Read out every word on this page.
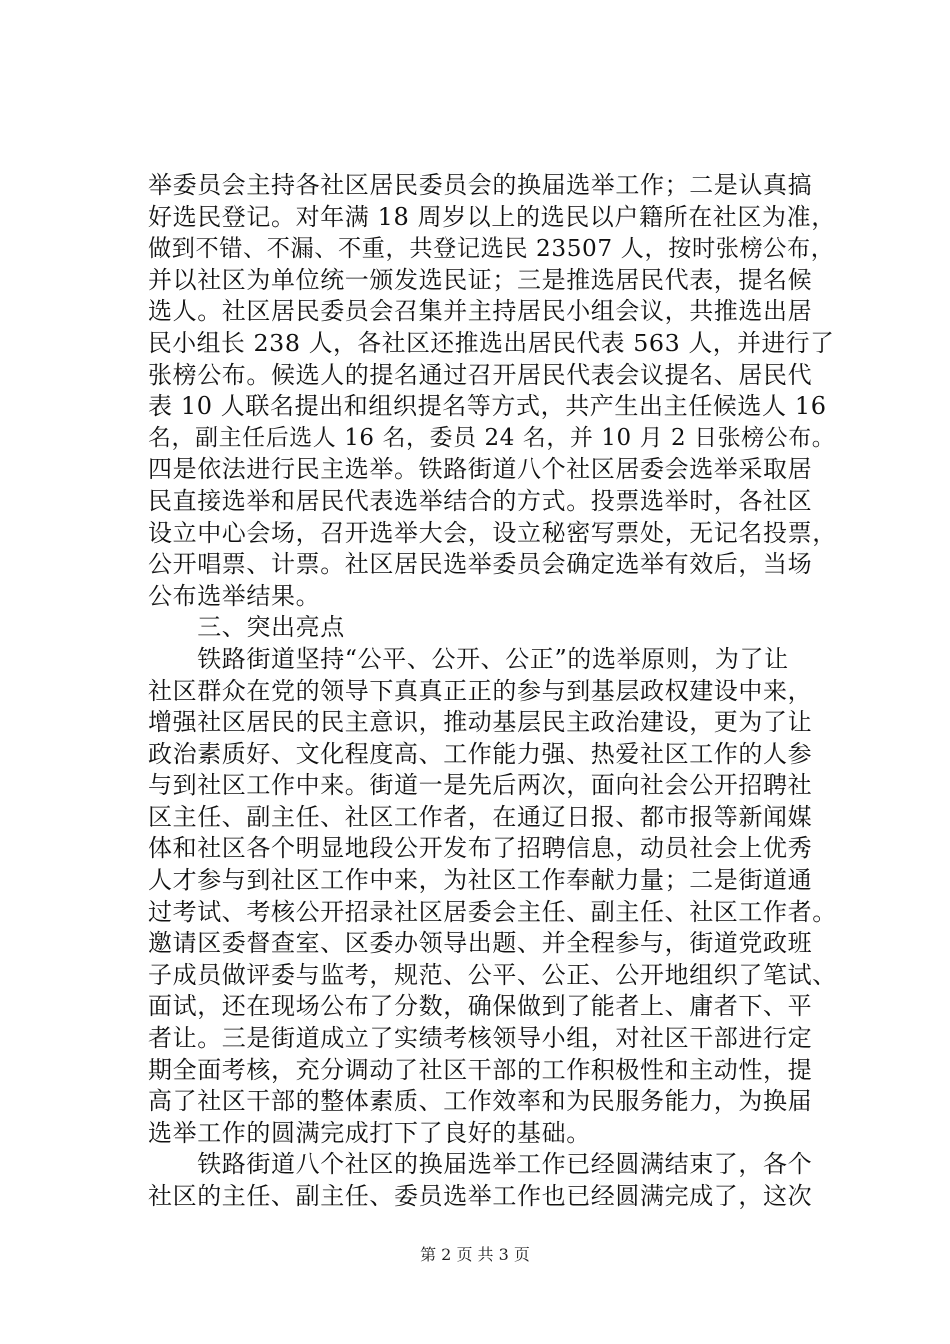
举委员会主持各社区居民委员会的换届选举工作；二是认真搞
好选民登记。对年满 18 周岁以上的选民以户籍所在社区为准，
做到不错、不漏、不重，共登记选民 23507 人，按时张榜公布，
并以社区为单位统一颁发选民证；三是推选居民代表，提名候
选人。社区居民委员会召集并主持居民小组会议，共推选出居
民小组长 238 人，各社区还推选出居民代表 563 人，并进行了
张榜公布。候选人的提名通过召开居民代表会议提名、居民代
表 10 人联名提出和组织提名等方式，共产生出主任候选人 16
名，副主任后选人 16 名，委员 24 名，并 10 月 2 日张榜公布。
四是依法进行民主选举。铁路街道八个社区居委会选举采取居
民直接选举和居民代表选举结合的方式。投票选举时，各社区
设立中心会场，召开选举大会，设立秘密写票处，无记名投票，
公开唱票、计票。社区居民选举委员会确定选举有效后，当场
公布选举结果。
　　三、突出亮点
　　铁路街道坚持“公平、公开、公正”的选举原则，为了让
社区群众在党的领导下真真正正的参与到基层政权建设中来，
增强社区居民的民主意识，推动基层民主政治建设，更为了让
政治素质好、文化程度高、工作能力强、热爱社区工作的人参
与到社区工作中来。街道一是先后两次，面向社会公开招聘社
区主任、副主任、社区工作者，在通辽日报、都市报等新闻媒
体和社区各个明显地段公开发布了招聘信息，动员社会上优秀
人才参与到社区工作中来，为社区工作奉献力量；二是街道通
过考试、考核公开招录社区居委会主任、副主任、社区工作者。
邀请区委督查室、区委办领导出题、并全程参与，街道党政班
子成员做评委与监考，规范、公平、公正、公开地组织了笔试、
面试，还在现场公布了分数，确保做到了能者上、庸者下、平
者让。三是街道成立了实绩考核领导小组，对社区干部进行定
期全面考核，充分调动了社区干部的工作积极性和主动性，提
高了社区干部的整体素质、工作效率和为民服务能力，为换届
选举工作的圆满完成打下了良好的基础。
　　铁路街道八个社区的换届选举工作已经圆满结束了，各个
社区的主任、副主任、委员选举工作也已经圆满完成了，这次
第 2 页 共 3 页
